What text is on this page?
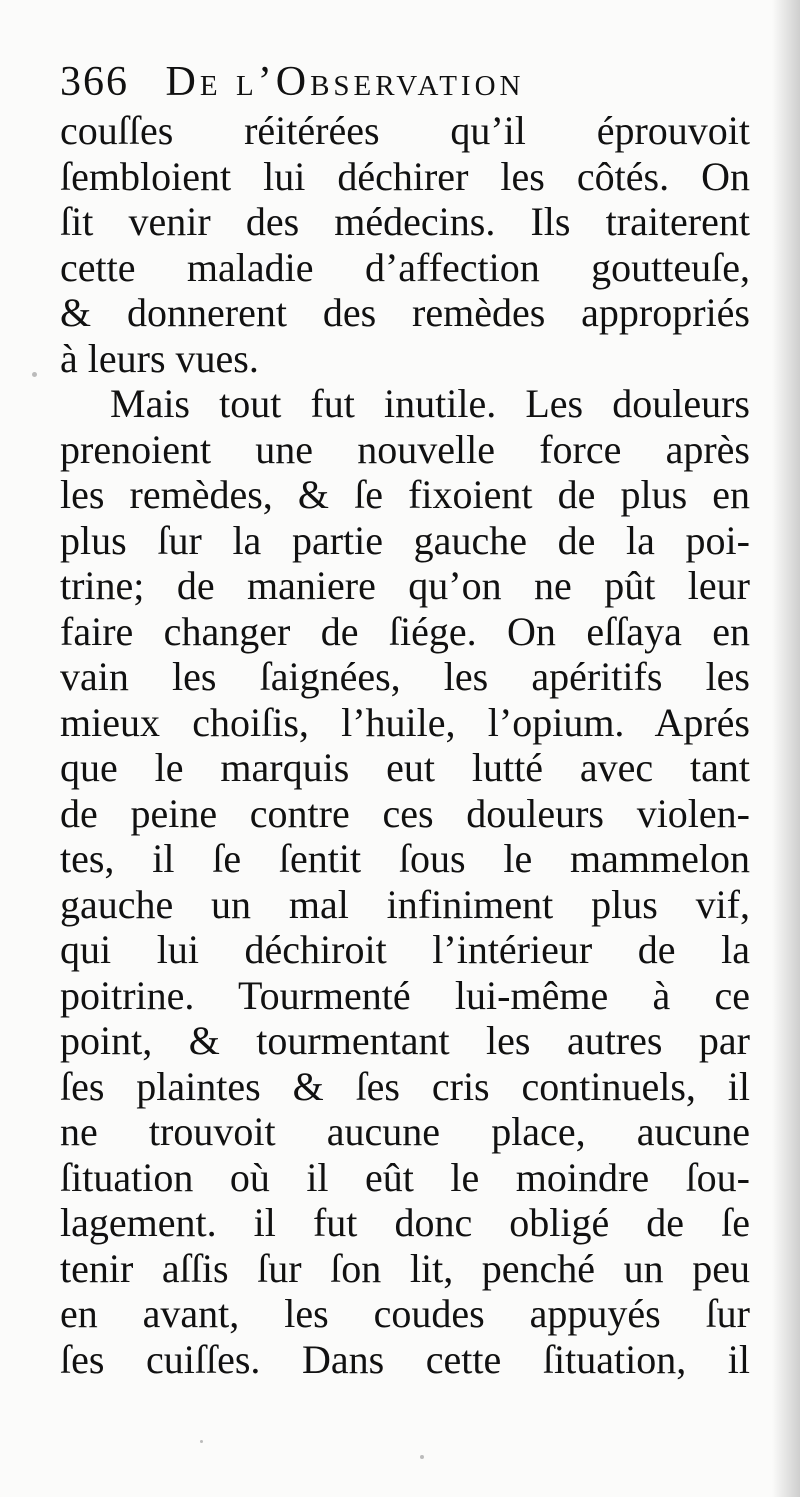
366 De l’Observation
couſſes réitérées qu’il éprouvoit
ſembloient lui déchirer les côtés. On
ſit venir des médecins. Ils traiterent
cette maladie d’affection goutteuſe,
& donnerent des remèdes appropriés
à leurs vues.
Mais tout fut inutile. Les douleurs
prenoient une nouvelle force après
les remèdes, & ſe fixoient de plus en
plus ſur la partie gauche de la poi-
trine; de maniere qu’on ne pût leur
faire changer de ſiége. On eſſaya en
vain les ſaignées, les apéritifs les
mieux choiſis, l’huile, l’opium. Aprés
que le marquis eut lutté avec tant
de peine contre ces douleurs violen-
tes, il ſe ſentit ſous le mammelon
gauche un mal infiniment plus vif,
qui lui déchiroit l’intérieur de la
poitrine. Tourmenté lui-même à ce
point, & tourmentant les autres par
ſes plaintes & ſes cris continuels, il
ne trouvoit aucune place, aucune
ſituation où il eût le moindre ſou-
lagement. il fut donc obligé de ſe
tenir aſſis ſur ſon lit, penché un peu
en avant, les coudes appuyés ſur
ſes cuiſſes. Dans cette ſituation, il
